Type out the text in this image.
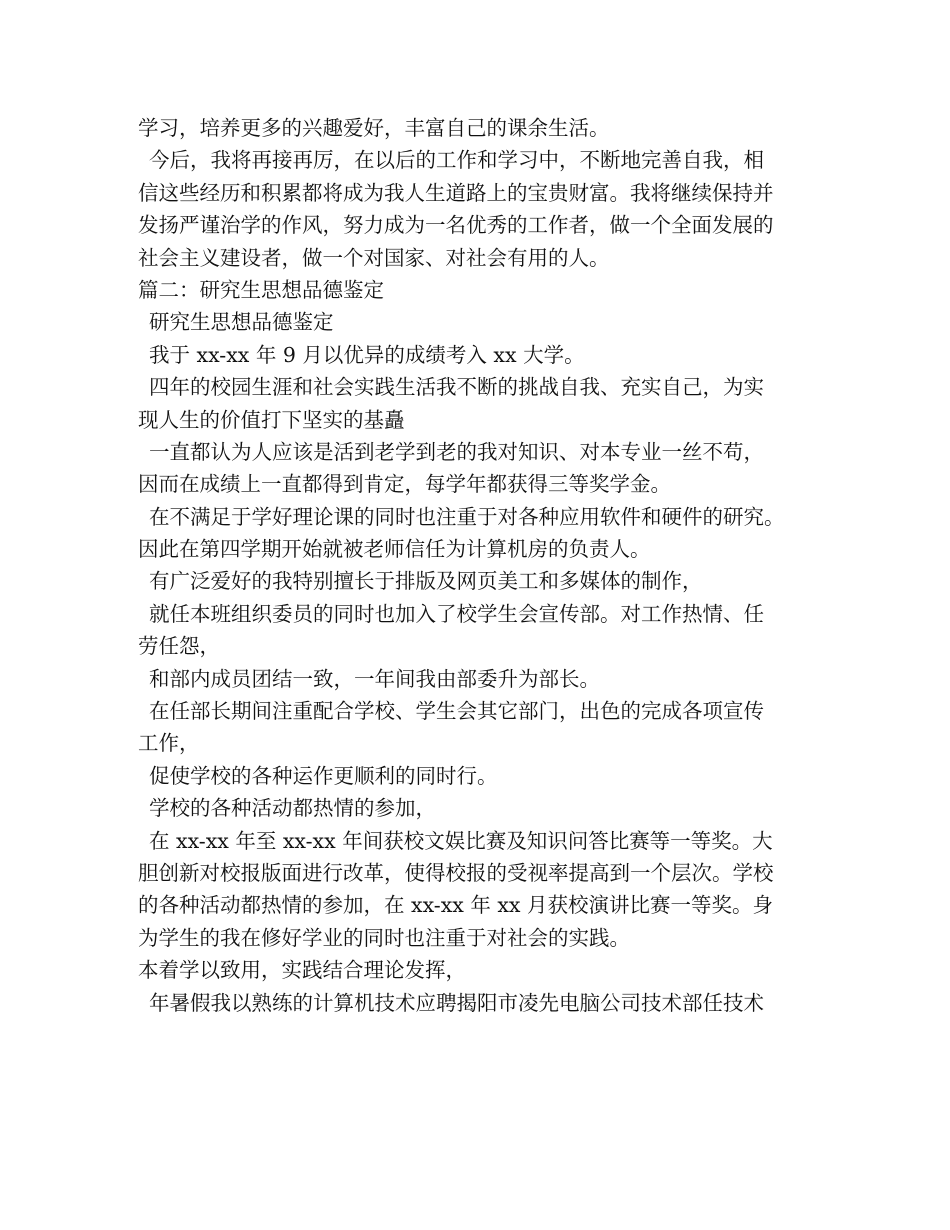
学习，培养更多的兴趣爱好，丰富自己的课余生活。
今后，我将再接再厉，在以后的工作和学习中，不断地完善自我，相
信这些经历和积累都将成为我人生道路上的宝贵财富。我将继续保持并
发扬严谨治学的作风，努力成为一名优秀的工作者，做一个全面发展的
社会主义建设者，做一个对国家、对社会有用的人。
篇二：研究生思想品德鉴定
研究生思想品德鉴定
我于 xx-xx 年 9 月以优异的成绩考入 xx 大学。
四年的校园生涯和社会实践生活我不断的挑战自我、充实自己，为实
现人生的价值打下坚实的基矗
一直都认为人应该是活到老学到老的我对知识、对本专业一丝不苟，
因而在成绩上一直都得到肯定，每学年都获得三等奖学金。
在不满足于学好理论课的同时也注重于对各种应用软件和硬件的研究。
因此在第四学期开始就被老师信任为计算机房的负责人。
有广泛爱好的我特别擅长于排版及网页美工和多媒体的制作，
就任本班组织委员的同时也加入了校学生会宣传部。对工作热情、任
劳任怨，
和部内成员团结一致，一年间我由部委升为部长。
在任部长期间注重配合学校、学生会其它部门，出色的完成各项宣传
工作，
促使学校的各种运作更顺利的同时行。
学校的各种活动都热情的参加，
在 xx-xx 年至 xx-xx 年间获校文娱比赛及知识问答比赛等一等奖。大
胆创新对校报版面进行改革，使得校报的受视率提高到一个层次。学校
的各种活动都热情的参加，在 xx-xx 年 xx 月获校演讲比赛一等奖。身
为学生的我在修好学业的同时也注重于对社会的实践。
本着学以致用，实践结合理论发挥，
年暑假我以熟练的计算机技术应聘揭阳市凌先电脑公司技术部任技术
